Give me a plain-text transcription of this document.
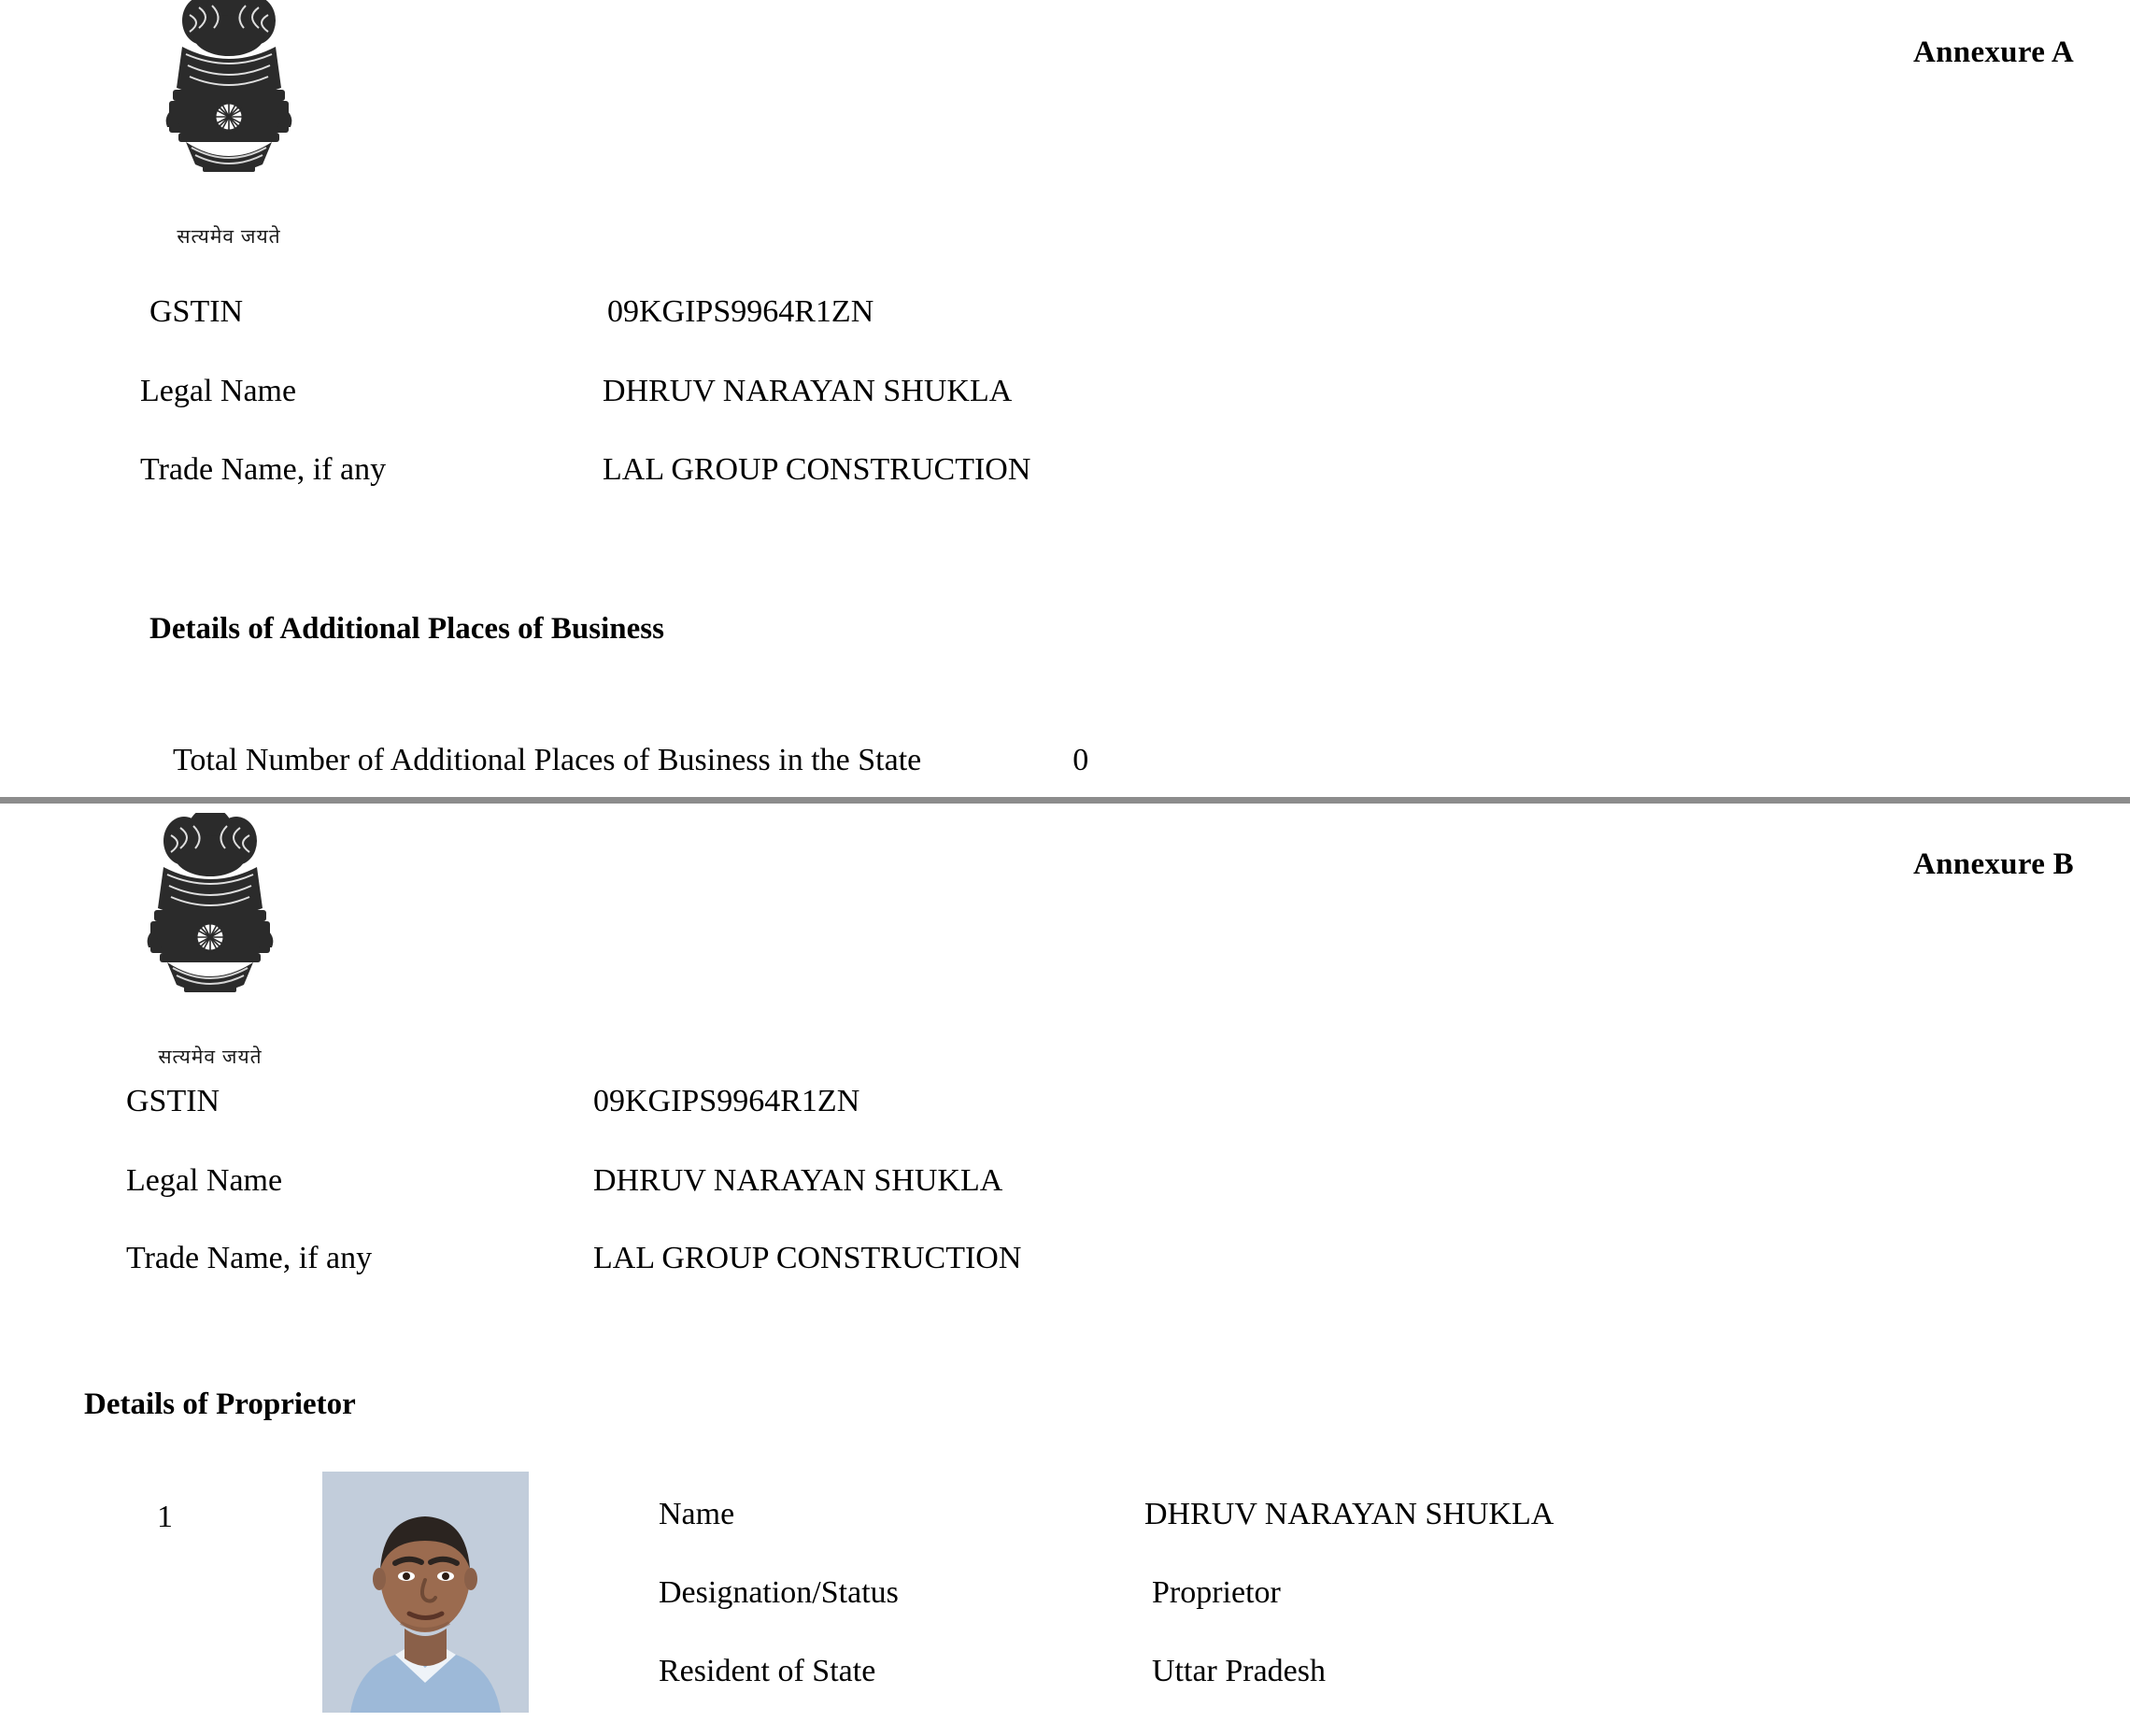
सत्यमेव जयते
Annexure A
GSTIN	09KGIPS9964R1ZN
Legal Name	DHRUV NARAYAN SHUKLA
Trade Name, if any	LAL GROUP CONSTRUCTION
Details of Additional Places of Business
Total Number of Additional Places of Business in the State	0
सत्यमेव जयते
Annexure B
GSTIN	09KGIPS9964R1ZN
Legal Name	DHRUV NARAYAN SHUKLA
Trade Name, if any	LAL GROUP CONSTRUCTION
Details of Proprietor
1	Name	DHRUV NARAYAN SHUKLA
Designation/Status	Proprietor
Resident of State	Uttar Pradesh
